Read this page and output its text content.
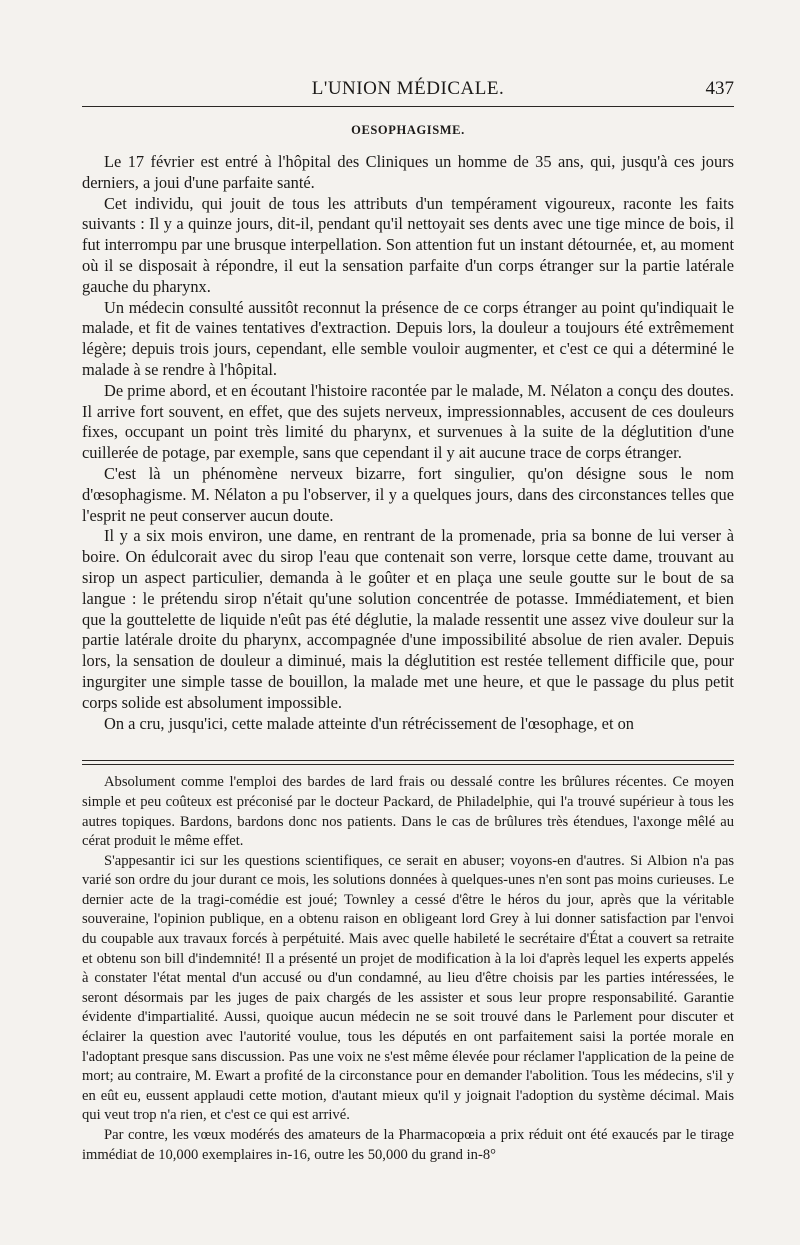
L'UNION MÉDICALE.	437
OESOPHAGISME.

Le 17 février est entré à l'hôpital des Cliniques un homme de 35 ans, qui, jusqu'à ces jours derniers, a joui d'une parfaite santé.

Cet individu, qui jouit de tous les attributs d'un tempérament vigoureux, raconte les faits suivants : Il y a quinze jours, dit-il, pendant qu'il nettoyait ses dents avec une tige mince de bois, il fut interrompu par une brusque interpellation. Son attention fut un instant détournée, et, au moment où il se disposait à répondre, il eut la sensation parfaite d'un corps étranger sur la partie latérale gauche du pharynx.

Un médecin consulté aussitôt reconnut la présence de ce corps étranger au point qu'indiquait le malade, et fit de vaines tentatives d'extraction. Depuis lors, la douleur a toujours été extrêmement légère; depuis trois jours, cependant, elle semble vouloir augmenter, et c'est ce qui a déterminé le malade à se rendre à l'hôpital.

De prime abord, et en écoutant l'histoire racontée par le malade, M. Nélaton a conçu des doutes. Il arrive fort souvent, en effet, que des sujets nerveux, impressionnables, accusent de ces douleurs fixes, occupant un point très limité du pharynx, et survenues à la suite de la déglutition d'une cuillerée de potage, par exemple, sans que cependant il y ait aucune trace de corps étranger.

C'est là un phénomène nerveux bizarre, fort singulier, qu'on désigne sous le nom d'œsophagisme. M. Nélaton a pu l'observer, il y a quelques jours, dans des circonstances telles que l'esprit ne peut conserver aucun doute.

Il y a six mois environ, une dame, en rentrant de la promenade, pria sa bonne de lui verser à boire. On édulcorait avec du sirop l'eau que contenait son verre, lorsque cette dame, trouvant au sirop un aspect particulier, demanda à le goûter et en plaça une seule goutte sur le bout de sa langue : le prétendu sirop n'était qu'une solution concentrée de potasse. Immédiatement, et bien que la gouttelette de liquide n'eût pas été déglutie, la malade ressentit une assez vive douleur sur la partie latérale droite du pharynx, accompagnée d'une impossibilité absolue de rien avaler. Depuis lors, la sensation de douleur a diminué, mais la déglutition est restée tellement difficile que, pour ingurgiter une simple tasse de bouillon, la malade met une heure, et que le passage du plus petit corps solide est absolument impossible.

On a cru, jusqu'ici, cette malade atteinte d'un rétrécissement de l'œsophage, et on

Absolument comme l'emploi des bardes de lard frais ou dessalé contre les brûlures récentes. Ce moyen simple et peu coûteux est préconisé par le docteur Packard, de Philadelphie, qui l'a trouvé supérieur à tous les autres topiques. Bardons, bardons donc nos patients. Dans le cas de brûlures très étendues, l'axonge mêlé au cérat produit le même effet.

S'appesantir ici sur les questions scientifiques, ce serait en abuser; voyons-en d'autres. Si Albion n'a pas varié son ordre du jour durant ce mois, les solutions données à quelques-unes n'en sont pas moins curieuses. Le dernier acte de la tragi-comédie est joué; Townley a cessé d'être le héros du jour, après que la véritable souveraine, l'opinion publique, en a obtenu raison en obligeant lord Grey à lui donner satisfaction par l'envoi du coupable aux travaux forcés à perpétuité. Mais avec quelle habileté le secrétaire d'État a couvert sa retraite et obtenu son bill d'indemnité! Il a présenté un projet de modification à la loi d'après lequel les experts appelés à constater l'état mental d'un accusé ou d'un condamné, au lieu d'être choisis par les parties intéressées, le seront désormais par les juges de paix chargés de les assister et sous leur propre responsabilité. Garantie évidente d'impartialité. Aussi, quoique aucun médecin ne se soit trouvé dans le Parlement pour discuter et éclairer la question avec l'autorité voulue, tous les députés en ont parfaitement saisi la portée morale en l'adoptant presque sans discussion. Pas une voix ne s'est même élevée pour réclamer l'application de la peine de mort; au contraire, M. Ewart a profité de la circonstance pour en demander l'abolition. Tous les médecins, s'il y en eût eu, eussent applaudi cette motion, d'autant mieux qu'il y joignait l'adoption du système décimal. Mais qui veut trop n'a rien, et c'est ce qui est arrivé.

Par contre, les vœux modérés des amateurs de la Pharmacopœia a prix réduit ont été exaucés par le tirage immédiat de 10,000 exemplaires in-16, outre les 50,000 du grand in-8°
